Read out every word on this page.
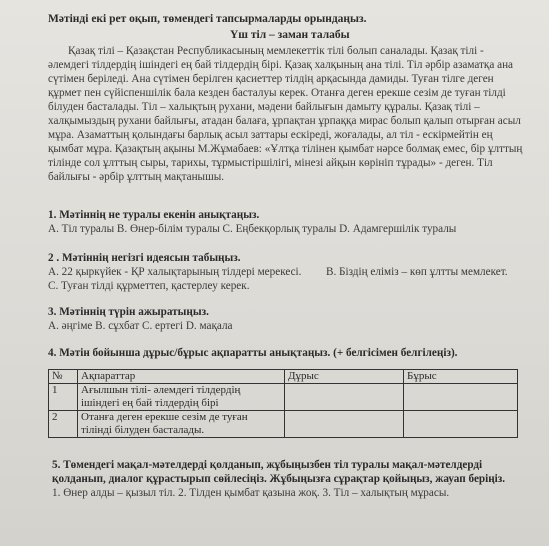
Мәтінді екі рет оқып, төмендегі тапсырмаларды орындаңыз.
Үш тіл – заман талабы
Қазақ тілі – Қазақстан Республикасының мемлекеттік тілі болып саналады. Қазақ тілі -
әлемдегі тілдердің ішіндегі ең бай тілдердің бірі. Қазақ халқының ана тілі. Тіл әрбір азаматқа ана
сүтімен беріледі. Ана сүтімен берілген қасиеттер тілдің арқасында дамиды. Туған тілге деген
құрмет пен сүйіспеншілік бала кезден басталуы керек. Отанға деген ерекше сезім де туған тілді
білуден басталады. Тіл – халықтың рухани, мәдени байлығын дамыту құралы. Қазақ тілі –
халқымыздың рухани байлығы, атадан балаға, ұрпақтан ұрпаққа мирас болып қалып отырған асыл
мұра. Азаматтың қолындағы барлық асыл заттары ескіреді, жоғалады, ал тіл - ескірмейтін ең
қымбат мұра. Қазақтың ақыны М.Жұмабаев: «Ұлтқа тілінен қымбат нәрсе болмақ емес, бір ұлттың
тілінде сол ұлттың сыры, тарихы, тұрмыстіршілігі, мінезі айқын көрініп тұрады» - деген. Тіл
байлығы - әрбір ұлттың мақтанышы.
1. Мәтіннің не туралы екенін анықтаңыз.
А. Тіл туралы В. Өнер-білім туралы С. Еңбекқорлық туралы D. Адамгершілік туралы
2 . Мәтіннің негізгі идеясын табыңыз.
А. 22 қыркүйек - ҚР халықтарының тілдері мерекесі. В. Біздің еліміз – көп ұлтты мемлекет.
С. Туған тілді құрметтеп, қастерлеу керек.
3. Мәтіннің түрін ажыратыңыз.
А. әңгіме В. сұхбат С. ертегі D. мақала
4. Мәтін бойынша дұрыс/бұрыс ақпаратты анықтаңыз. (+ белгісімен белгілеңіз).
№	Ақпараттар	Дұрыс	Бұрыс
1	Ағылшын тілі- әлемдегі тілдердің
ішіндегі ең бай тілдердің бірі		

2	Отанға деген ерекше сезім де туған
тілінді білуден басталады.		

5. Төмендегі мақал-мәтелдерді қолданып, жұбыңызбен тіл туралы мақал-мәтелдерді
қолданып, диалог құрастырып сөйлесіңіз. Жұбыңызға сұрақтар қойыңыз, жауап беріңіз.
1. Өнер алды – қызыл тіл. 2. Тілден қымбат қазына жоқ. 3. Тіл – халықтың мұрасы.
